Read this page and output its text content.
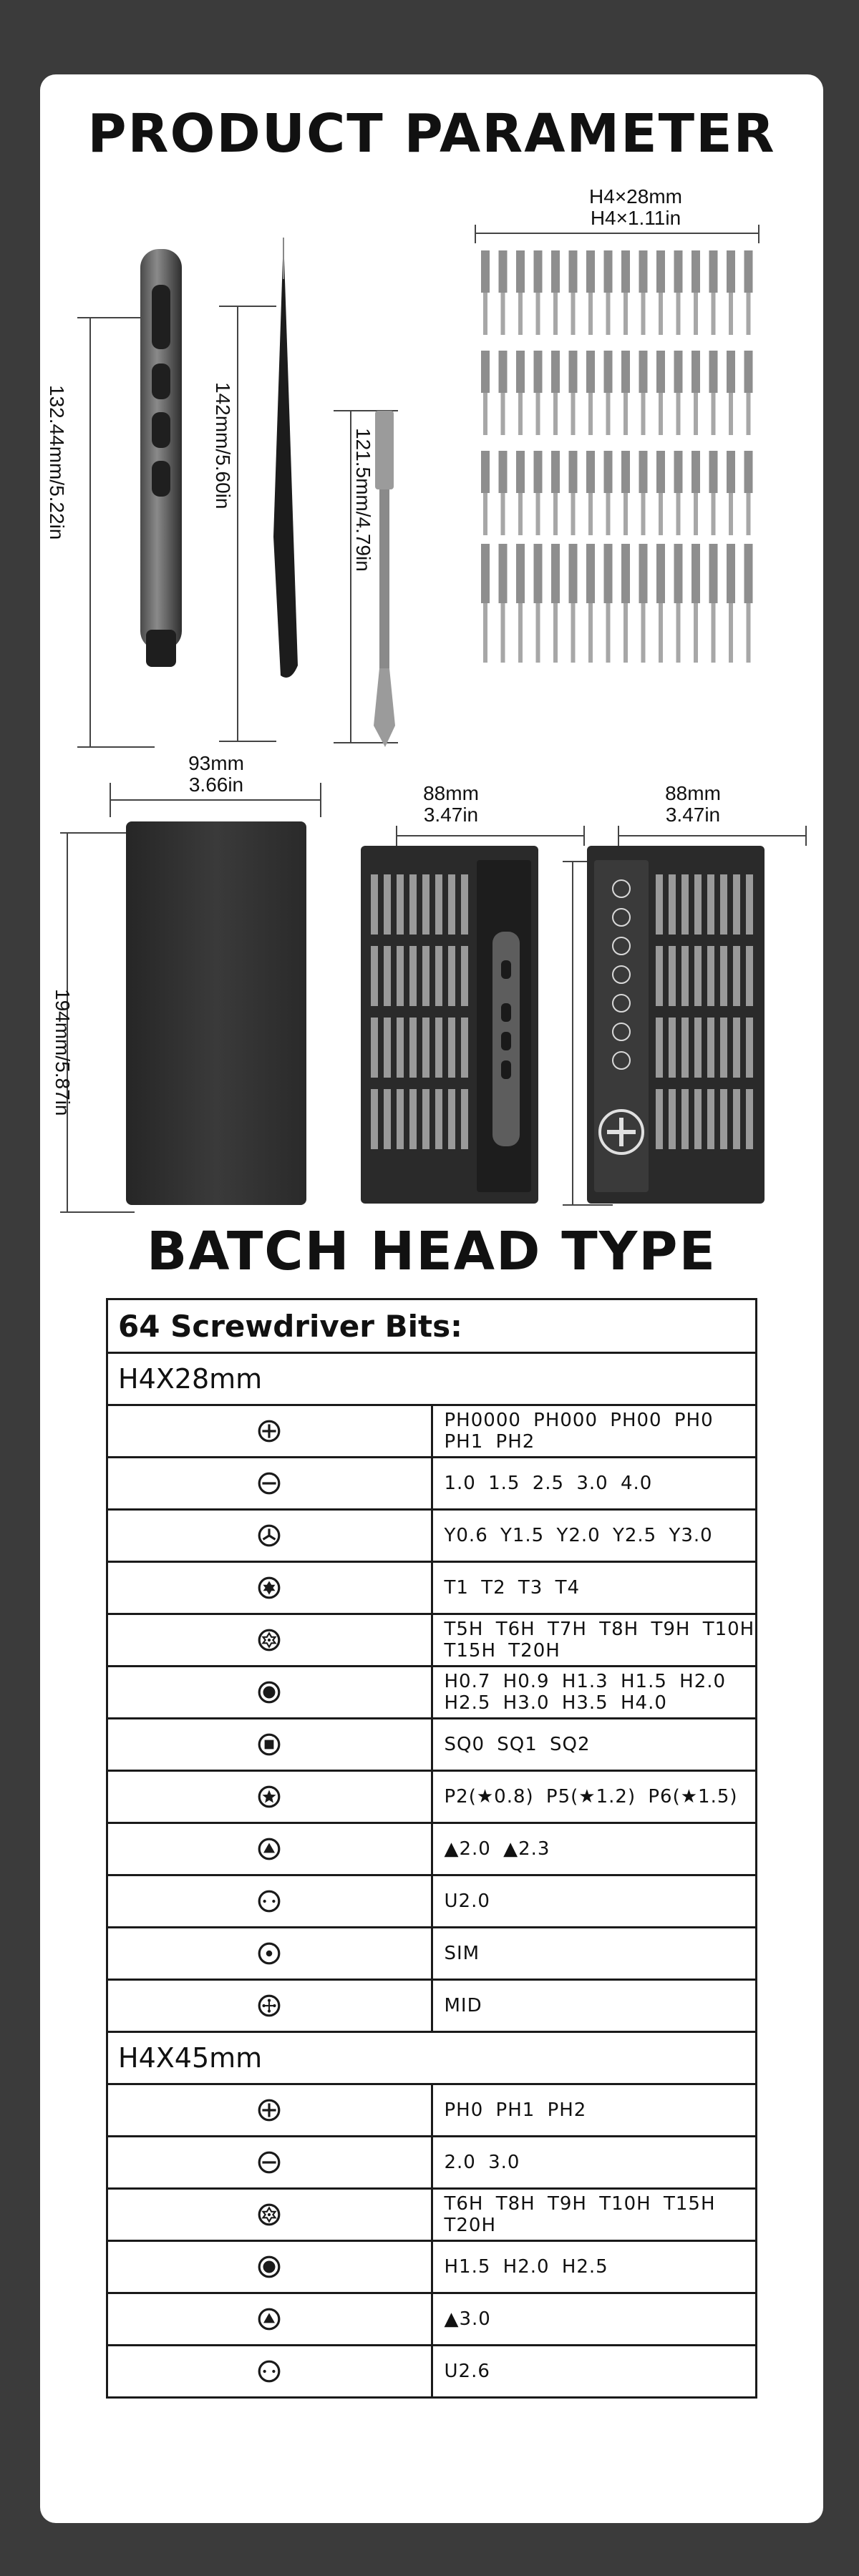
PRODUCT PARAMETER
H4×28mm
H4×1.11in
132.44mm/5.22in	142mm/5.60in	121.5mm/4.79in
93mm
3.66in
194mm/5.87in
88mm
3.47in
88mm
3.47in
BATCH HEAD TYPE
64 Screwdriver Bits:	
H4X28mm	
	PH0000 PH000 PH00 PH0 PH1 PH2
	1.0 1.5 2.5 3.0 4.0
	Y0.6 Y1.5 Y2.0 Y2.5 Y3.0
	T1 T2 T3 T4
	T5H T6H T7H T8H T9H T10H T15H T20H
	H0.7 H0.9 H1.3 H1.5 H2.0 H2.5 H3.0 H3.5 H4.0
	SQ0 SQ1 SQ2
	P2(★0.8) P5(★1.2) P6(★1.5)
	▲2.0 ▲2.3
	U2.0
	SIM
	MID
H4X45mm	
	PH0 PH1 PH2
	2.0 3.0
	T6H T8H T9H T10H T15H T20H
	H1.5 H2.0 H2.5
	▲3.0
	U2.6
